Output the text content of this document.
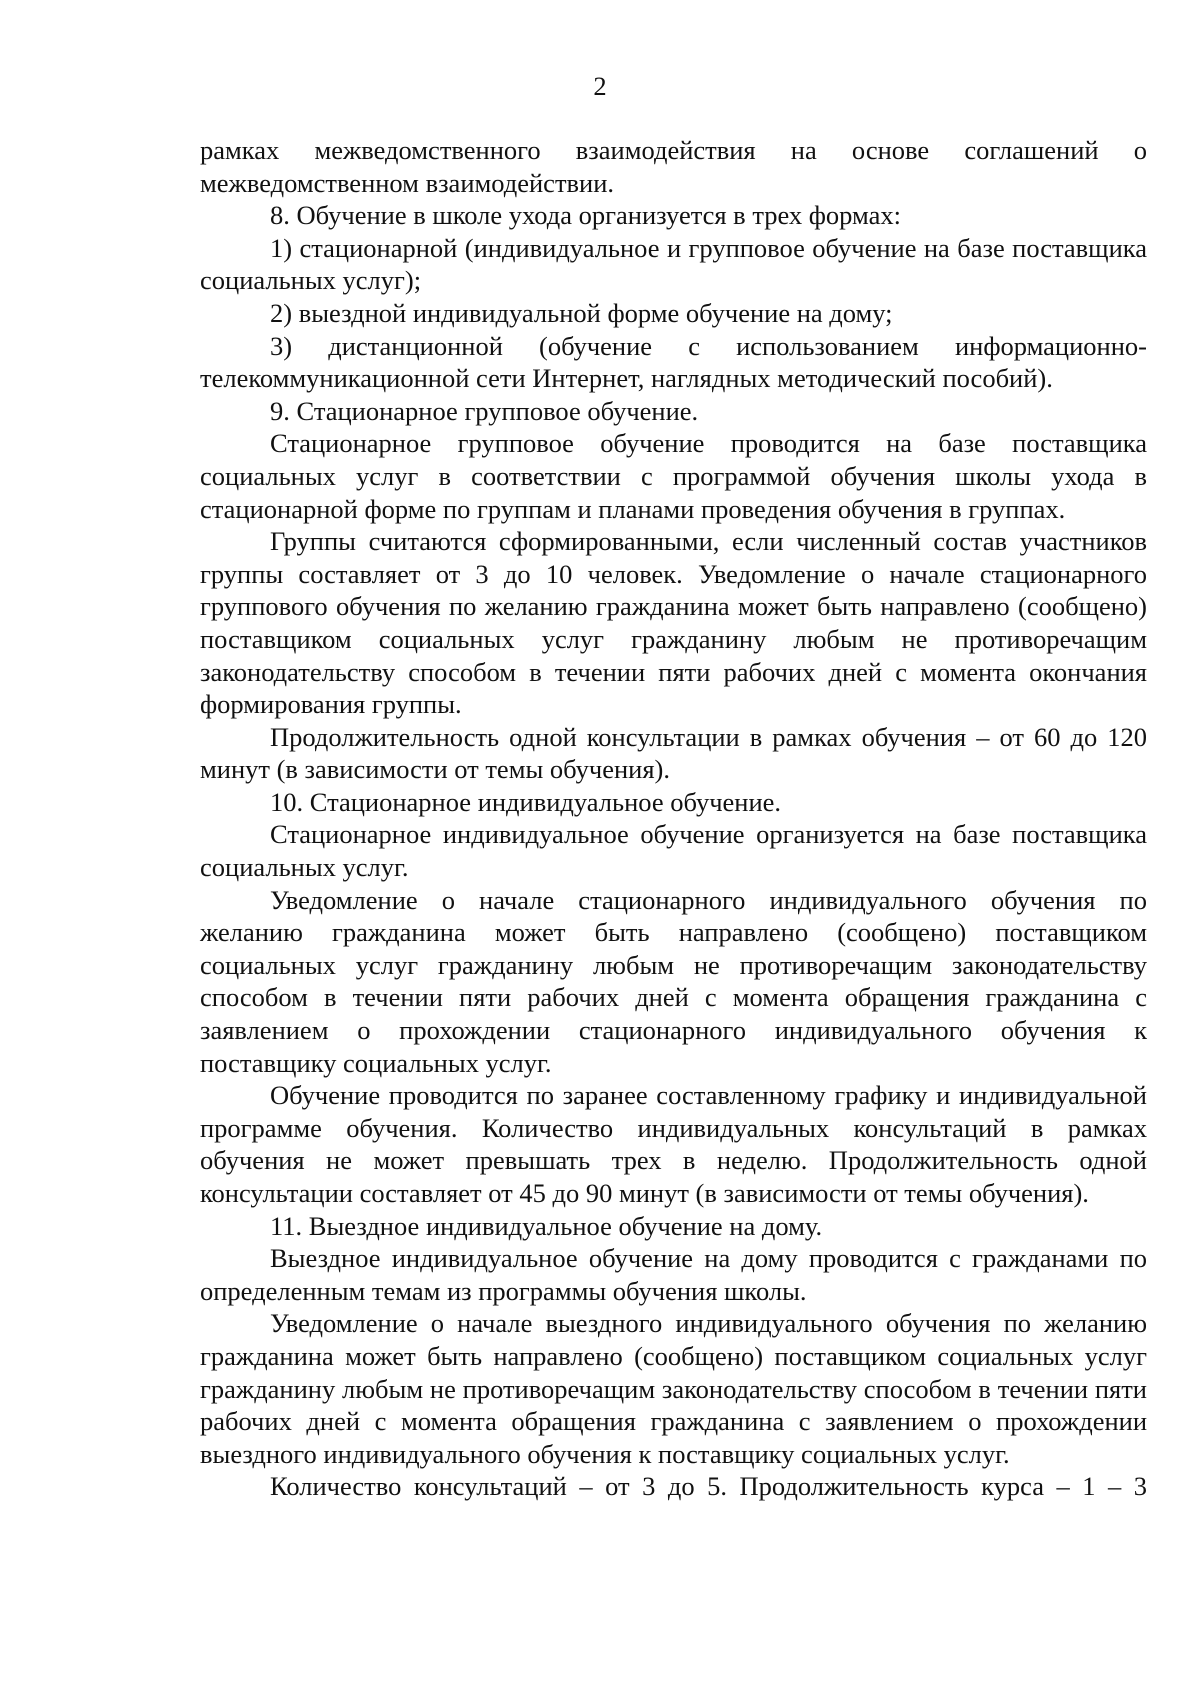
2

рамках межведомственного взаимодействия на основе соглашений о межведомственном взаимодействии.

8. Обучение в школе ухода организуется в трех формах:

1) стационарной (индивидуальное и групповое обучение на базе поставщика социальных услуг);

2) выездной индивидуальной форме обучение на дому;

3) дистанционной (обучение с использованием информационно-телекоммуникационной сети Интернет, наглядных методический пособий).

9. Стационарное групповое обучение.

Стационарное групповое обучение проводится на базе поставщика социальных услуг в соответствии с программой обучения школы ухода в стационарной форме по группам и планами проведения обучения в группах.

Группы считаются сформированными, если численный состав участников группы составляет от 3 до 10 человек. Уведомление о начале стационарного группового обучения по желанию гражданина может быть направлено (сообщено) поставщиком социальных услуг гражданину любым не противоречащим законодательству способом в течении пяти рабочих дней с момента окончания формирования группы.

Продолжительность одной консультации в рамках обучения – от 60 до 120 минут (в зависимости от темы обучения).

10. Стационарное индивидуальное обучение.

Стационарное индивидуальное обучение организуется на базе поставщика социальных услуг.

Уведомление о начале стационарного индивидуального обучения по желанию гражданина может быть направлено (сообщено) поставщиком социальных услуг гражданину любым не противоречащим законодательству способом в течении пяти рабочих дней с момента обращения гражданина с заявлением о прохождении стационарного индивидуального обучения к поставщику социальных услуг.

Обучение проводится по заранее составленному графику и индивидуальной программе обучения. Количество индивидуальных консультаций в рамках обучения не может превышать трех в неделю. Продолжительность одной консультации составляет от 45 до 90 минут (в зависимости от темы обучения).

11. Выездное индивидуальное обучение на дому.

Выездное индивидуальное обучение на дому проводится с гражданами по определенным темам из программы обучения школы.

Уведомление о начале выездного индивидуального обучения по желанию гражданина может быть направлено (сообщено) поставщиком социальных услуг гражданину любым не противоречащим законодательству способом в течении пяти рабочих дней с момента обращения гражданина с заявлением о прохождении выездного индивидуального обучения к поставщику социальных услуг.

Количество консультаций – от 3 до 5. Продолжительность курса – 1 – 3
